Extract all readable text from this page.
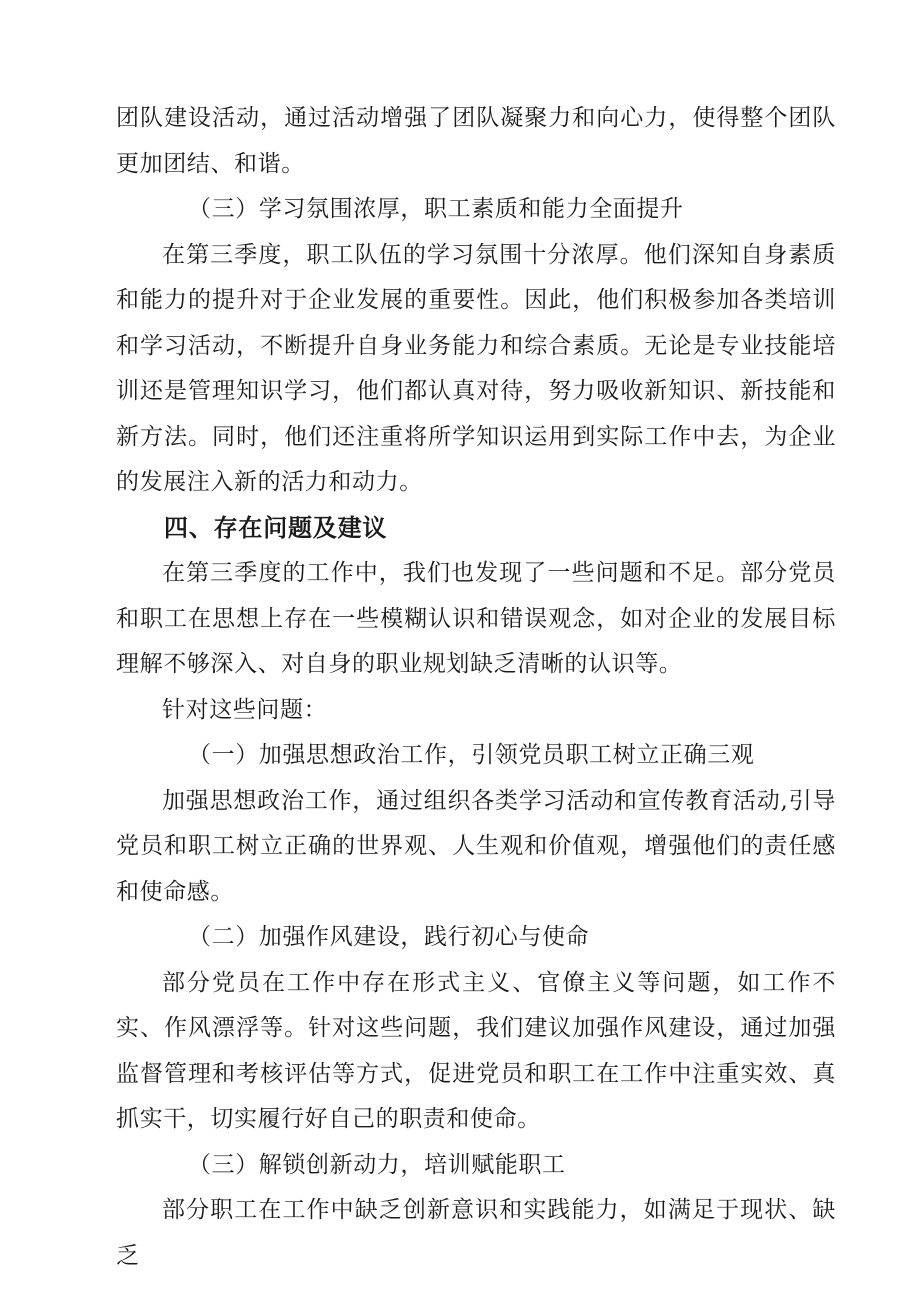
团队建设活动，通过活动增强了团队凝聚力和向心力，使得整个团队更加团结、和谐。

（三）学习氛围浓厚，职工素质和能力全面提升

在第三季度，职工队伍的学习氛围十分浓厚。他们深知自身素质和能力的提升对于企业发展的重要性。因此，他们积极参加各类培训和学习活动，不断提升自身业务能力和综合素质。无论是专业技能培训还是管理知识学习，他们都认真对待，努力吸收新知识、新技能和新方法。同时，他们还注重将所学知识运用到实际工作中去，为企业的发展注入新的活力和动力。

四、存在问题及建议

在第三季度的工作中，我们也发现了一些问题和不足。部分党员和职工在思想上存在一些模糊认识和错误观念，如对企业的发展目标理解不够深入、对自身的职业规划缺乏清晰的认识等。

针对这些问题：

（一）加强思想政治工作，引领党员职工树立正确三观

加强思想政治工作，通过组织各类学习活动和宣传教育活动,引导党员和职工树立正确的世界观、人生观和价值观，增强他们的责任感和使命感。

（二）加强作风建设，践行初心与使命

部分党员在工作中存在形式主义、官僚主义等问题，如工作不实、作风漂浮等。针对这些问题，我们建议加强作风建设，通过加强监督管理和考核评估等方式，促进党员和职工在工作中注重实效、真抓实干，切实履行好自己的职责和使命。

（三）解锁创新动力，培训赋能职工

部分职工在工作中缺乏创新意识和实践能力，如满足于现状、缺乏
